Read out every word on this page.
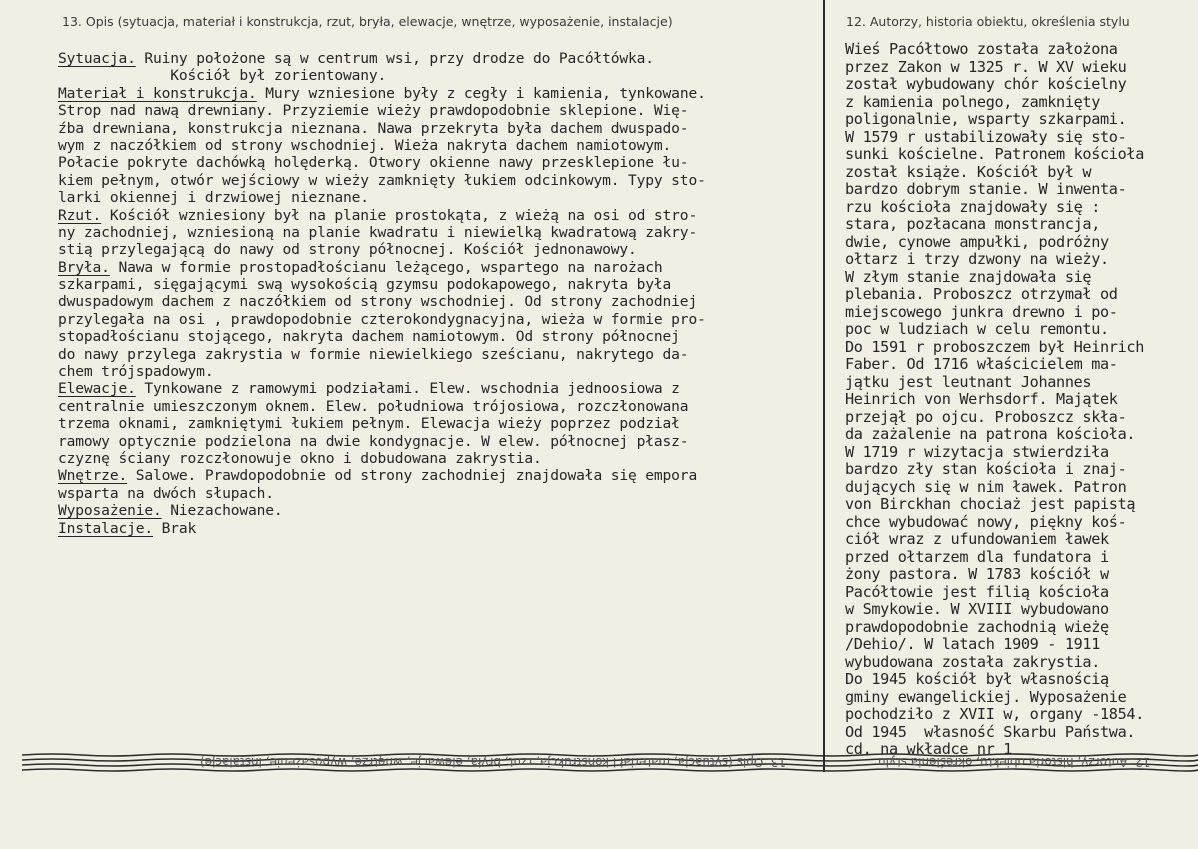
13. Opis (sytuacja, materiał i konstrukcja, rzut, bryła, elewacje, wnętrze, wyposażenie, instalacje)	12. Autorzy, historia obiektu, określenia stylu
Sytuacja. Ruiny położone są w centrum wsi, przy drodze do Pacółtówka.
Kościół był zorientowany.
Materiał i konstrukcja. Mury wzniesione były z cegły i kamienia, tynkowane.
Strop nad nawą drewniany. Przyziemie wieży prawdopodobnie sklepione. Wię-
źba drewniana, konstrukcja nieznana. Nawa przekryta była dachem dwuspado-
wym z naczółkiem od strony wschodniej. Wieża nakryta dachem namiotowym.
Połacie pokryte dachówką holęderką. Otwory okienne nawy przesklepione łu-
kiem pełnym, otwór wejściowy w wieży zamknięty łukiem odcinkowym. Typy sto-
larki okiennej i drzwiowej nieznane.
Rzut. Kościół wzniesiony był na planie prostokąta, z wieżą na osi od stro-
ny zachodniej, wzniesioną na planie kwadratu i niewielką kwadratową zakry-
stią przylegającą do nawy od strony północnej. Kościół jednonawowy.
Bryła. Nawa w formie prostopadłościanu leżącego, wspartego na narożach
szkarpami, sięgającymi swą wysokością gzymsu podokapowego, nakryta była
dwuspadowym dachem z naczółkiem od strony wschodniej. Od strony zachodniej
przylegała na osi , prawdopodobnie czterokondygnacyjna, wieża w formie pro-
stopadłościanu stojącego, nakryta dachem namiotowym. Od strony północnej
do nawy przylega zakrystia w formie niewielkiego sześcianu, nakrytego da-
chem trójspadowym.
Elewacje. Tynkowane z ramowymi podziałami. Elew. wschodnia jednoosiowa z
centralnie umieszczonym oknem. Elew. południowa trójosiowa, rozczłonowana
trzema oknami, zamkniętymi łukiem pełnym. Elewacja wieży poprzez podział
ramowy optycznie podzielona na dwie kondygnacje. W elew. północnej płasz-
czyznę ściany rozczłonowuje okno i dobudowana zakrystia.
Wnętrze. Salowe. Prawdopodobnie od strony zachodniej znajdowała się empora
wsparta na dwóch słupach.
Wyposażenie. Niezachowane.
Instalacje. Brak
Wieś Pacółtowo została założona
przez Zakon w 1325 r. W XV wieku
został wybudowany chór kościelny
z kamienia polnego, zamknięty
poligonalnie, wsparty szkarpami.
W 1579 r ustabilizowały się sto-
sunki kościelne. Patronem kościoła
został książe. Kościół był w
bardzo dobrym stanie. W inwenta-
rzu kościoła znajdowały się :
stara, pozłacana monstrancja,
dwie, cynowe ampułki, podróżny
ołtarz i trzy dzwony na wieży.
W złym stanie znajdowała się
plebania. Proboszcz otrzymał od
miejscowego junkra drewno i po-
poc w ludziach w celu remontu.
Do 1591 r proboszczem był Heinrich
Faber. Od 1716 właścicielem ma-
jątku jest leutnant Johannes
Heinrich von Werhsdorf. Majątek
przejął po ojcu. Proboszcz skła-
da zażalenie na patrona kościoła.
W 1719 r wizytacja stwierdziła
bardzo zły stan kościoła i znaj-
dujących się w nim ławek. Patron
von Birckhan chociaż jest papistą
chce wybudować nowy, piękny koś-
ciół wraz z ufundowaniem ławek
przed ołtarzem dla fundatora i
żony pastora. W 1783 kościół w
Pacółtowie jest filią kościoła
w Smykowie. W XVIII wybudowano
prawdopodobnie zachodnią wieżę
/Dehio/. W latach 1909 - 1911
wybudowana została zakrystia.
Do 1945 kościół był własnością
gminy ewangelickiej. Wyposażenie
pochodziło z XVII w, organy -1854.
Od 1945  własność Skarbu Państwa.
cd. na wkładce nr 1
13. Opis (sytuacja, materiał i konstrukcja, rzut, bryła, elewacje, wnętrze, wyposażenie, instalacje)	12. Autorzy, historia obiektu, określenia stylu
